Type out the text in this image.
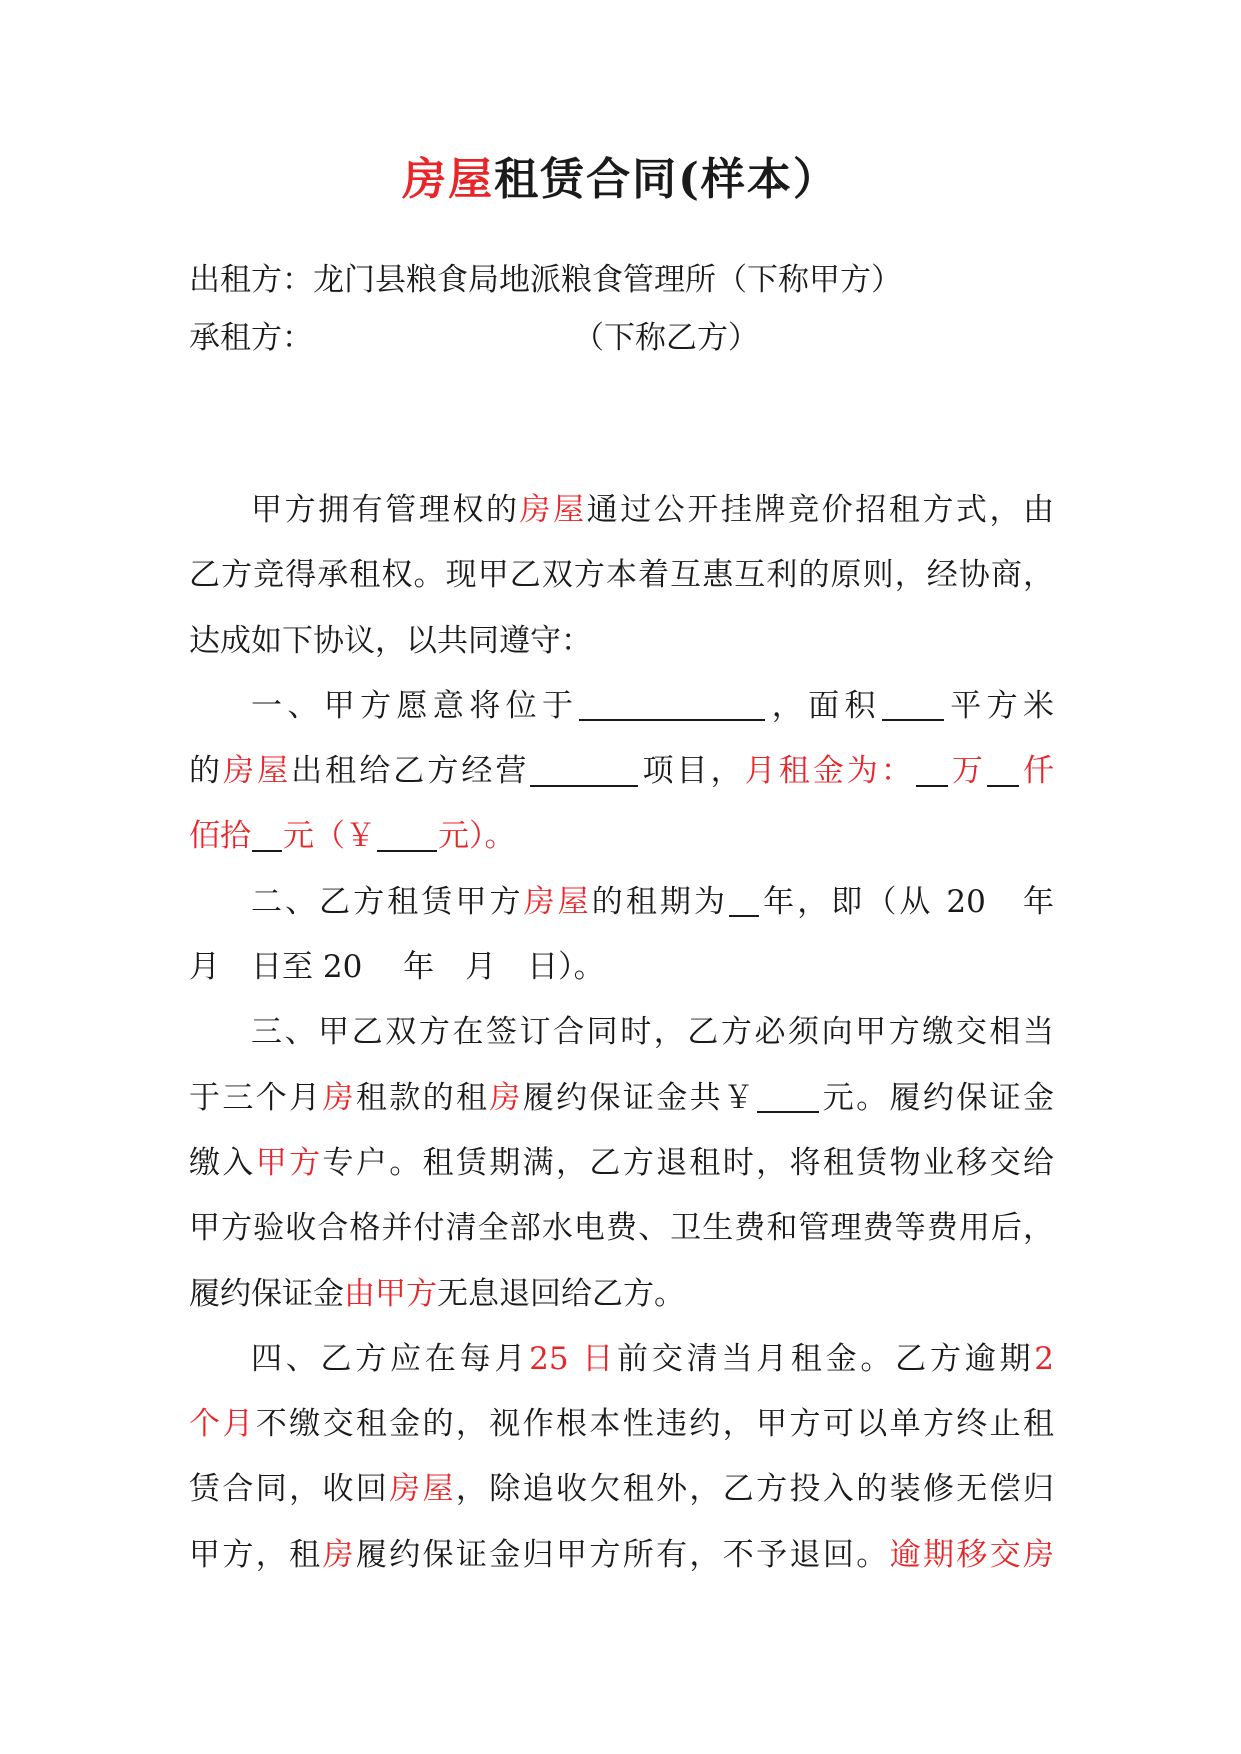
房屋租赁合同(样本）
出租方：龙门县粮食局地派粮食管理所（下称甲方）
承租方：	（下称乙方）

甲方拥有管理权的房屋通过公开挂牌竞价招租方式，由
乙方竞得承租权。现甲乙双方本着互惠互利的原则，经协商，
达成如下协议，以共同遵守：

一、甲方愿意将位于	，面积 平方米
的房屋出租给乙方经营	项目，月租金为： 万 仟
佰拾 元（￥ 元）。

二、乙方租赁甲方房屋的租期为 年，即（从 20　年
月　日至 20　 年　月　日）。

三、甲乙双方在签订合同时，乙方必须向甲方缴交相当
于三个月房租款的租房履约保证金共￥ 元。履约保证金
缴入甲方专户。租赁期满，乙方退租时，将租赁物业移交给
甲方验收合格并付清全部水电费、卫生费和管理费等费用后，
履约保证金由甲方无息退回给乙方。

四、乙方应在每月25 日前交清当月租金。乙方逾期2
个月不缴交租金的，视作根本性违约，甲方可以单方终止租
赁合同，收回房屋，除追收欠租外，乙方投入的装修无偿归
甲方，租房履约保证金归甲方所有，不予退回。逾期移交房
